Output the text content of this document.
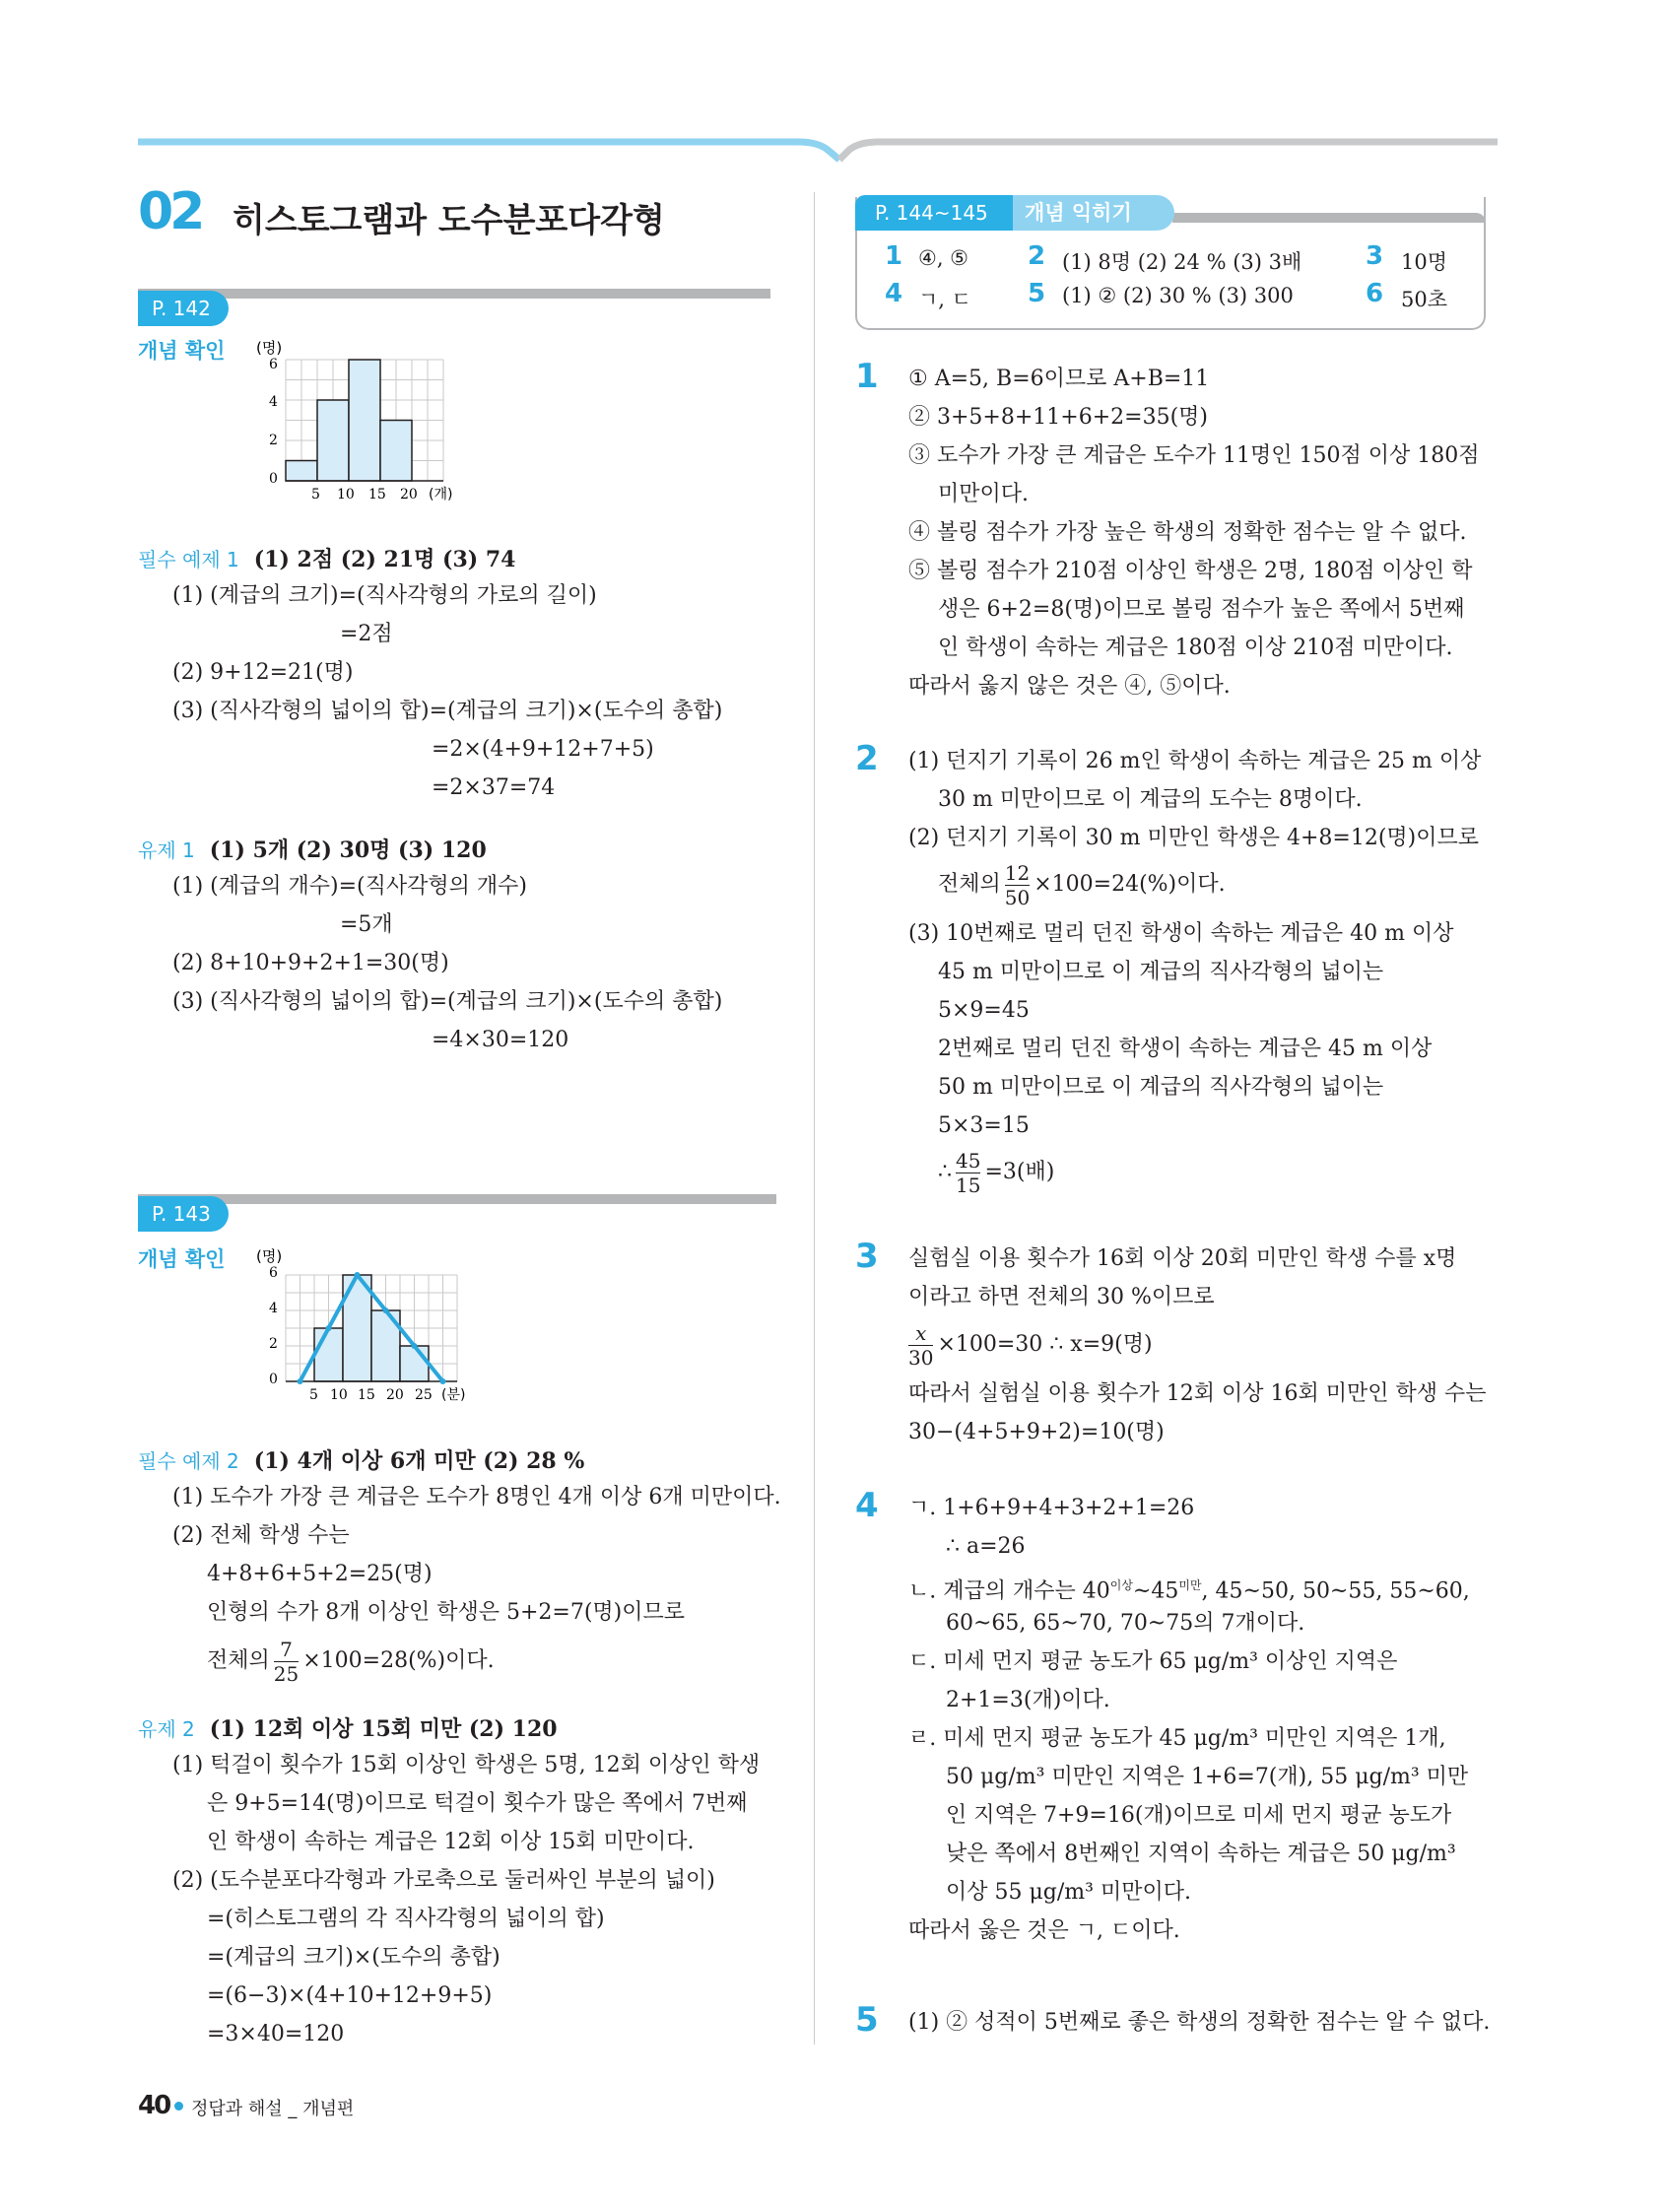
02 히스토그램과 도수분포다각형
P. 142
개념 확인 (명)
6
4
2
0
5 10 15 20 (개)
필수 예제 1 (1) 2점 (2) 21명 (3) 74
(1) (계급의 크기)=(직사각형의 가로의 길이)
=2점
(2) 9+12=21(명)
(3) (직사각형의 넓이의 합)=(계급의 크기)×(도수의 총합)
=2×(4+9+12+7+5)
=2×37=74
유제 1 (1) 5개 (2) 30명 (3) 120
(1) (계급의 개수)=(직사각형의 개수)
=5개
(2) 8+10+9+2+1=30(명)
(3) (직사각형의 넓이의 합)=(계급의 크기)×(도수의 총합)
=4×30=120
P. 143
개념 확인 (명)
6
4
2
0
5 10 15 20 25 (분)
필수 예제 2 (1) 4개 이상 6개 미만 (2) 28 %
(1) 도수가 가장 큰 계급은 도수가 8명인 4개 이상 6개 미만이다.
(2) 전체 학생 수는
4+8+6+5+2=25(명)
인형의 수가 8개 이상인 학생은 5+2=7(명)이므로
전체의 $\frac{7}{25} \times 100=28(\%)$이다.
유제 2 (1) 12회 이상 15회 미만 (2) 120
(1) 턱걸이 횟수가 15회 이상인 학생은 5명, 12회 이상인 학생
은 9+5=14(명)이므로 턱걸이 횟수가 많은 쪽에서 7번째
인 학생이 속하는 계급은 12회 이상 15회 미만이다.
(2) (도수분포다각형과 가로축으로 둘러싸인 부분의 넓이)
=(히스토그램의 각 직사각형의 넓이의 합)
=(계급의 크기)×(도수의 총합)
=(6−3)×(4+10+12+9+5)
=3×40=120
P. 144~145	개념 익히기
1 ④, ⑤ 2 (1) 8명 (2) 24 % (3) 3배 3 10명
4 ㄱ, ㄷ 5 (1) ② (2) 30 % (3) 300	6 50초
1 ① A=5, B=6이므로 A+B=11
② 3+5+8+11+6+2=35(명)
③ 도수가 가장 큰 계급은 도수가 11명인 150점 이상 180점
미만이다.
④ 볼링 점수가 가장 높은 학생의 정확한 점수는 알 수 없다.
⑤ 볼링 점수가 210점 이상인 학생은 2명, 180점 이상인 학
생은 6+2=8(명)이므로 볼링 점수가 높은 쪽에서 5번째
인 학생이 속하는 계급은 180점 이상 210점 미만이다.
따라서 옳지 않은 것은 ④, ⑤이다.
2 (1) 던지기 기록이 26 m인 학생이 속하는 계급은 25 m 이상
30 m 미만이므로 이 계급의 도수는 8명이다.
(2) 던지기 기록이 30 m 미만인 학생은 4+8=12(명)이므로
전체의 $\frac{12}{50} \times 100=24(\%)$이다.
(3) 10번째로 멀리 던진 학생이 속하는 계급은 40 m 이상
45 m 미만이므로 이 계급의 직사각형의 넓이는
5×9=45
2번째로 멀리 던진 학생이 속하는 계급은 45 m 이상
50 m 미만이므로 이 계급의 직사각형의 넓이는
5×3=15
∴ $\frac{45}{15} =3$(배)
3 실험실 이용 횟수가 16회 이상 20회 미만인 학생 수를 x명
이라고 하면 전체의 30 %이므로
$\frac{x}{30} \times 100=30$ ∴ x=9(명)
따라서 실험실 이용 횟수가 12회 이상 16회 미만인 학생 수는
30−(4+5+9+2)=10(명)
4 ㄱ. 1+6+9+4+3+2+1=26
∴ a=26
ㄴ. 계급의 개수는 $40^{이상}\sim 45^{미만}$, 45~50, 50~55, 55~60,
60~65, 65~70, 70~75의 7개이다.
ㄷ. 미세 먼지 평균 농도가 65 μg/m³ 이상인 지역은
2+1=3(개)이다.
ㄹ. 미세 먼지 평균 농도가 45 μg/m³ 미만인 지역은 1개,
50 μg/m³ 미만인 지역은 1+6=7(개), 55 μg/m³ 미만
인 지역은 7+9=16(개)이므로 미세 먼지 평균 농도가
낮은 쪽에서 8번째인 지역이 속하는 계급은 50 μg/m³
이상 55 μg/m³ 미만이다.
따라서 옳은 것은 ㄱ, ㄷ이다.
5 (1) ② 성적이 5번째로 좋은 학생의 정확한 점수는 알 수 없다.
40 정답과 해설 _ 개념편
